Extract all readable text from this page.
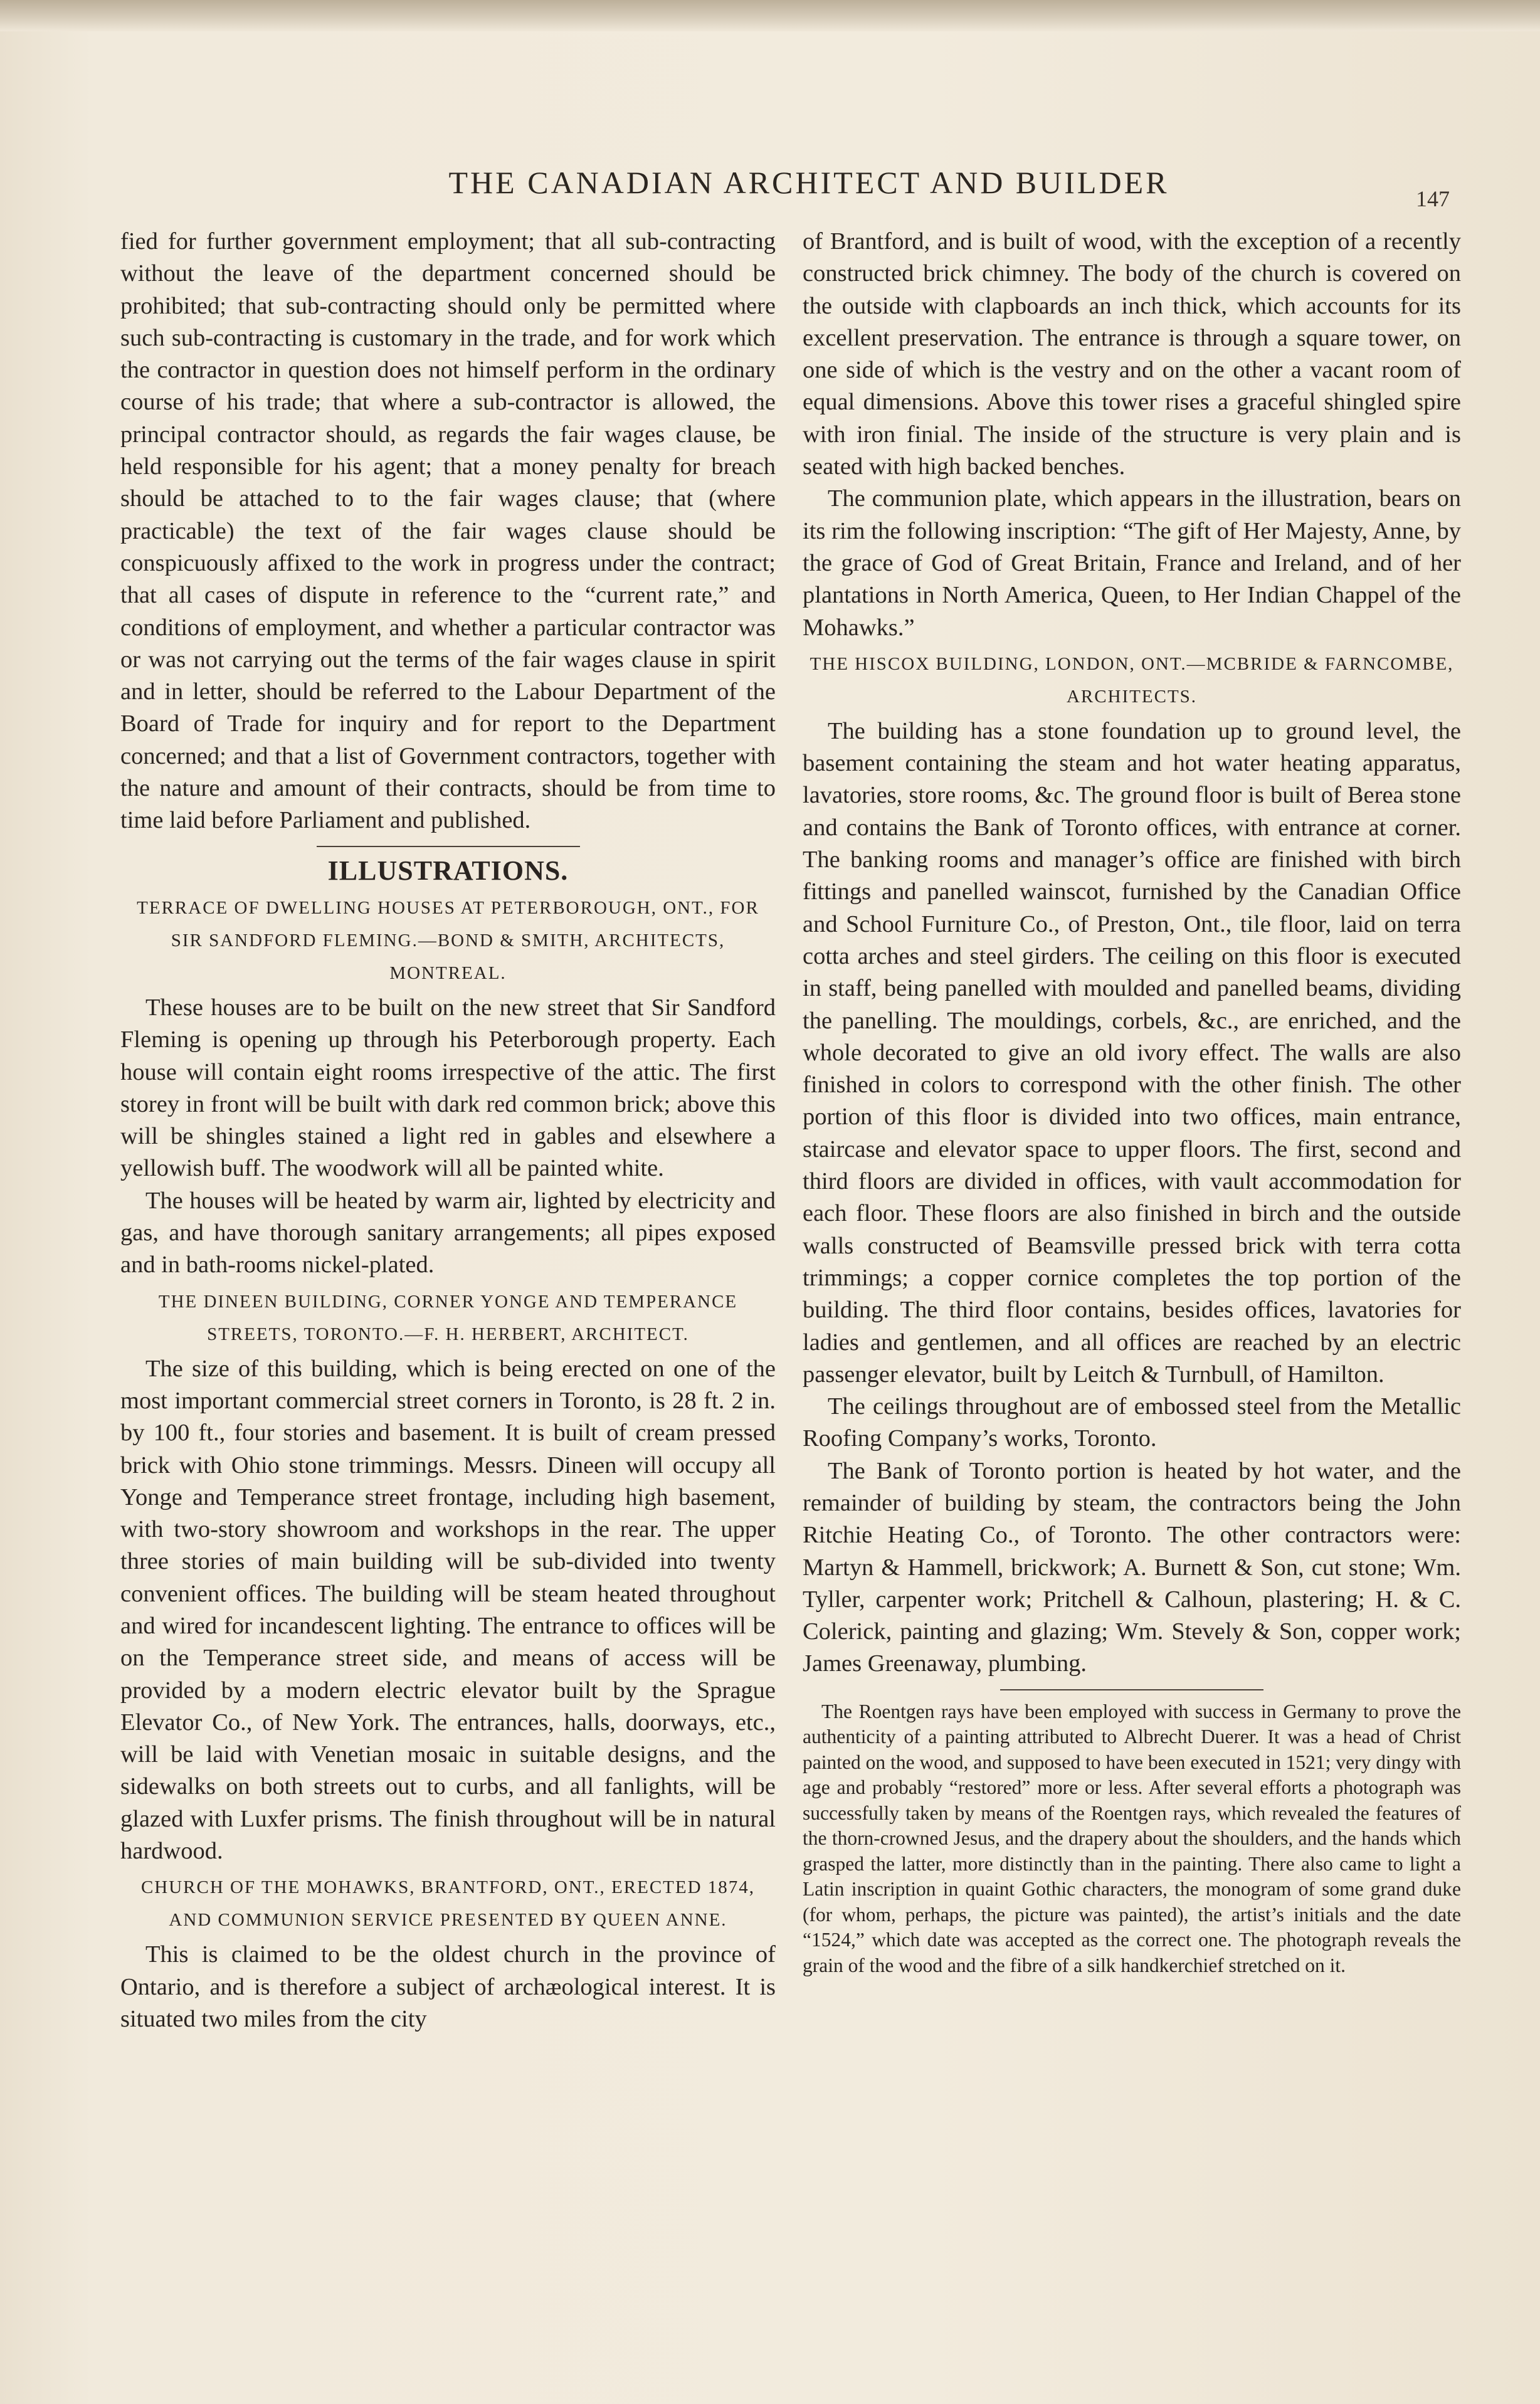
THE CANADIAN ARCHITECT AND BUILDER	147

fied for further government employment; that all sub-contracting without the leave of the department concerned should be prohibited; that sub-contracting should only be permitted where such sub-contracting is customary in the trade, and for work which the contractor in question does not himself perform in the ordinary course of his trade; that where a sub-contractor is allowed, the principal contractor should, as regards the fair wages clause, be held responsible for his agent; that a money penalty for breach should be attached to to the fair wages clause; that (where practicable) the text of the fair wages clause should be conspicuously affixed to the work in progress under the contract; that all cases of dispute in reference to the “current rate,” and conditions of employment, and whether a particular contractor was or was not carrying out the terms of the fair wages clause in spirit and in letter, should be referred to the Labour Department of the Board of Trade for inquiry and for report to the Department concerned; and that a list of Government contractors, together with the nature and amount of their contracts, should be from time to time laid before Parliament and published.

ILLUSTRATIONS.
TERRACE OF DWELLING HOUSES AT PETERBOROUGH, ONT., FOR SIR SANDFORD FLEMING.—BOND & SMITH, ARCHITECTS, MONTREAL.

These houses are to be built on the new street that Sir Sandford Fleming is opening up through his Peterborough property. Each house will contain eight rooms irrespective of the attic. The first storey in front will be built with dark red common brick; above this will be shingles stained a light red in gables and elsewhere a yellowish buff. The woodwork will all be painted white.

The houses will be heated by warm air, lighted by electricity and gas, and have thorough sanitary arrangements; all pipes exposed and in bath-rooms nickel-plated.

THE DINEEN BUILDING, CORNER YONGE AND TEMPERANCE STREETS, TORONTO.—F. H. HERBERT, ARCHITECT.

The size of this building, which is being erected on one of the most important commercial street corners in Toronto, is 28 ft. 2 in. by 100 ft., four stories and basement. It is built of cream pressed brick with Ohio stone trimmings. Messrs. Dineen will occupy all Yonge and Temperance street frontage, including high basement, with two-story showroom and workshops in the rear. The upper three stories of main building will be sub-divided into twenty convenient offices. The building will be steam heated throughout and wired for incandescent lighting. The entrance to offices will be on the Temperance street side, and means of access will be provided by a modern electric elevator built by the Sprague Elevator Co., of New York. The entrances, halls, doorways, etc., will be laid with Venetian mosaic in suitable designs, and the sidewalks on both streets out to curbs, and all fanlights, will be glazed with Luxfer prisms. The finish throughout will be in natural hardwood.

CHURCH OF THE MOHAWKS, BRANTFORD, ONT., ERECTED 1874, AND COMMUNION SERVICE PRESENTED BY QUEEN ANNE.

This is claimed to be the oldest church in the province of Ontario, and is therefore a subject of archæological interest. It is situated two miles from the city

of Brantford, and is built of wood, with the exception of a recently constructed brick chimney. The body of the church is covered on the outside with clapboards an inch thick, which accounts for its excellent preservation. The entrance is through a square tower, on one side of which is the vestry and on the other a vacant room of equal dimensions. Above this tower rises a graceful shingled spire with iron finial. The inside of the structure is very plain and is seated with high backed benches.

The communion plate, which appears in the illustration, bears on its rim the following inscription: “The gift of Her Majesty, Anne, by the grace of God of Great Britain, France and Ireland, and of her plantations in North America, Queen, to Her Indian Chappel of the Mohawks.”

THE HISCOX BUILDING, LONDON, ONT.—MCBRIDE & FARNCOMBE, ARCHITECTS.

The building has a stone foundation up to ground level, the basement containing the steam and hot water heating apparatus, lavatories, store rooms, &c. The ground floor is built of Berea stone and contains the Bank of Toronto offices, with entrance at corner. The banking rooms and manager’s office are finished with birch fittings and panelled wainscot, furnished by the Canadian Office and School Furniture Co., of Preston, Ont., tile floor, laid on terra cotta arches and steel girders. The ceiling on this floor is executed in staff, being panelled with moulded and panelled beams, dividing the panelling. The mouldings, corbels, &c., are enriched, and the whole decorated to give an old ivory effect. The walls are also finished in colors to correspond with the other finish. The other portion of this floor is divided into two offices, main entrance, staircase and elevator space to upper floors. The first, second and third floors are divided in offices, with vault accommodation for each floor. These floors are also finished in birch and the outside walls constructed of Beamsville pressed brick with terra cotta trimmings; a copper cornice completes the top portion of the building. The third floor contains, besides offices, lavatories for ladies and gentlemen, and all offices are reached by an electric passenger elevator, built by Leitch & Turnbull, of Hamilton.

The ceilings throughout are of embossed steel from the Metallic Roofing Company’s works, Toronto.

The Bank of Toronto portion is heated by hot water, and the remainder of building by steam, the contractors being the John Ritchie Heating Co., of Toronto. The other contractors were: Martyn & Hammell, brickwork; A. Burnett & Son, cut stone; Wm. Tyller, carpenter work; Pritchell & Calhoun, plastering; H. & C. Colerick, painting and glazing; Wm. Stevely & Son, copper work; James Greenaway, plumbing.

The Roentgen rays have been employed with success in Germany to prove the authenticity of a painting attributed to Albrecht Duerer. It was a head of Christ painted on the wood, and supposed to have been executed in 1521; very dingy with age and probably “restored” more or less. After several efforts a photograph was successfully taken by means of the Roentgen rays, which revealed the features of the thorn-crowned Jesus, and the drapery about the shoulders, and the hands which grasped the latter, more distinctly than in the painting. There also came to light a Latin inscription in quaint Gothic characters, the monogram of some grand duke (for whom, perhaps, the picture was painted), the artist’s initials and the date “1524,” which date was accepted as the correct one. The photograph reveals the grain of the wood and the fibre of a silk handkerchief stretched on it.
